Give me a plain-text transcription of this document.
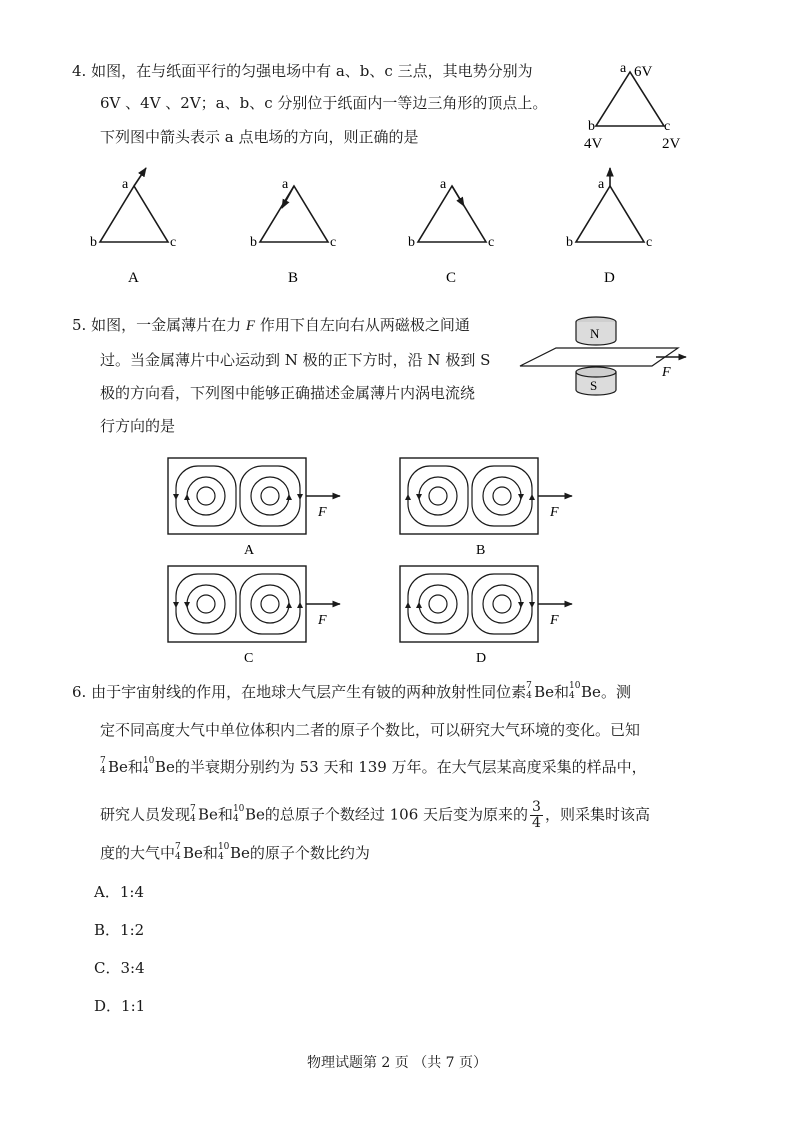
4. 如图，在与纸面平行的匀强电场中有 a、b、c 三点，其电势分别为
6V 、4V 、2V；a、b、c 分别位于纸面内一等边三角形的顶点上。
下列图中箭头表示 a 点电场的方向，则正确的是
a 6V
b	c
4V	2V
a
b	c
A
a
b	c
B
a
b	c
C
a
b	c
D
5. 如图，一金属薄片在力 F 作用下自左向右从两磁极之间通
过。当金属薄片中心运动到 N 极的正下方时，沿 N 极到 S
极的方向看，下列图中能够正确描述金属薄片内涡电流绕
行方向的是
N
S
F
F
A
F
B
F
C
F
D
6. 由于宇宙射线的作用，在地球大气层产生有铍的两种放射性同位素 7
4 Be和 10
4 Be。测
定不同高度大气中单位体积内二者的原子个数比，可以研究大气环境的变化。已知
7
4 Be和 10
4 Be的半衰期分别约为 53 天和 139 万年。在大气层某高度采集的样品中，
研究人员发现 7
4 Be和 10
4 Be的总原子个数经过 106 天后变为原来的 $\frac{3}{4}$ ，则采集时该高
度的大气中 7
4 Be和 10
4 Be的原子个数比约为
A．1:4
B．1:2
C．3:4
D．1:1
物理试题第 2 页 （共 7 页）
